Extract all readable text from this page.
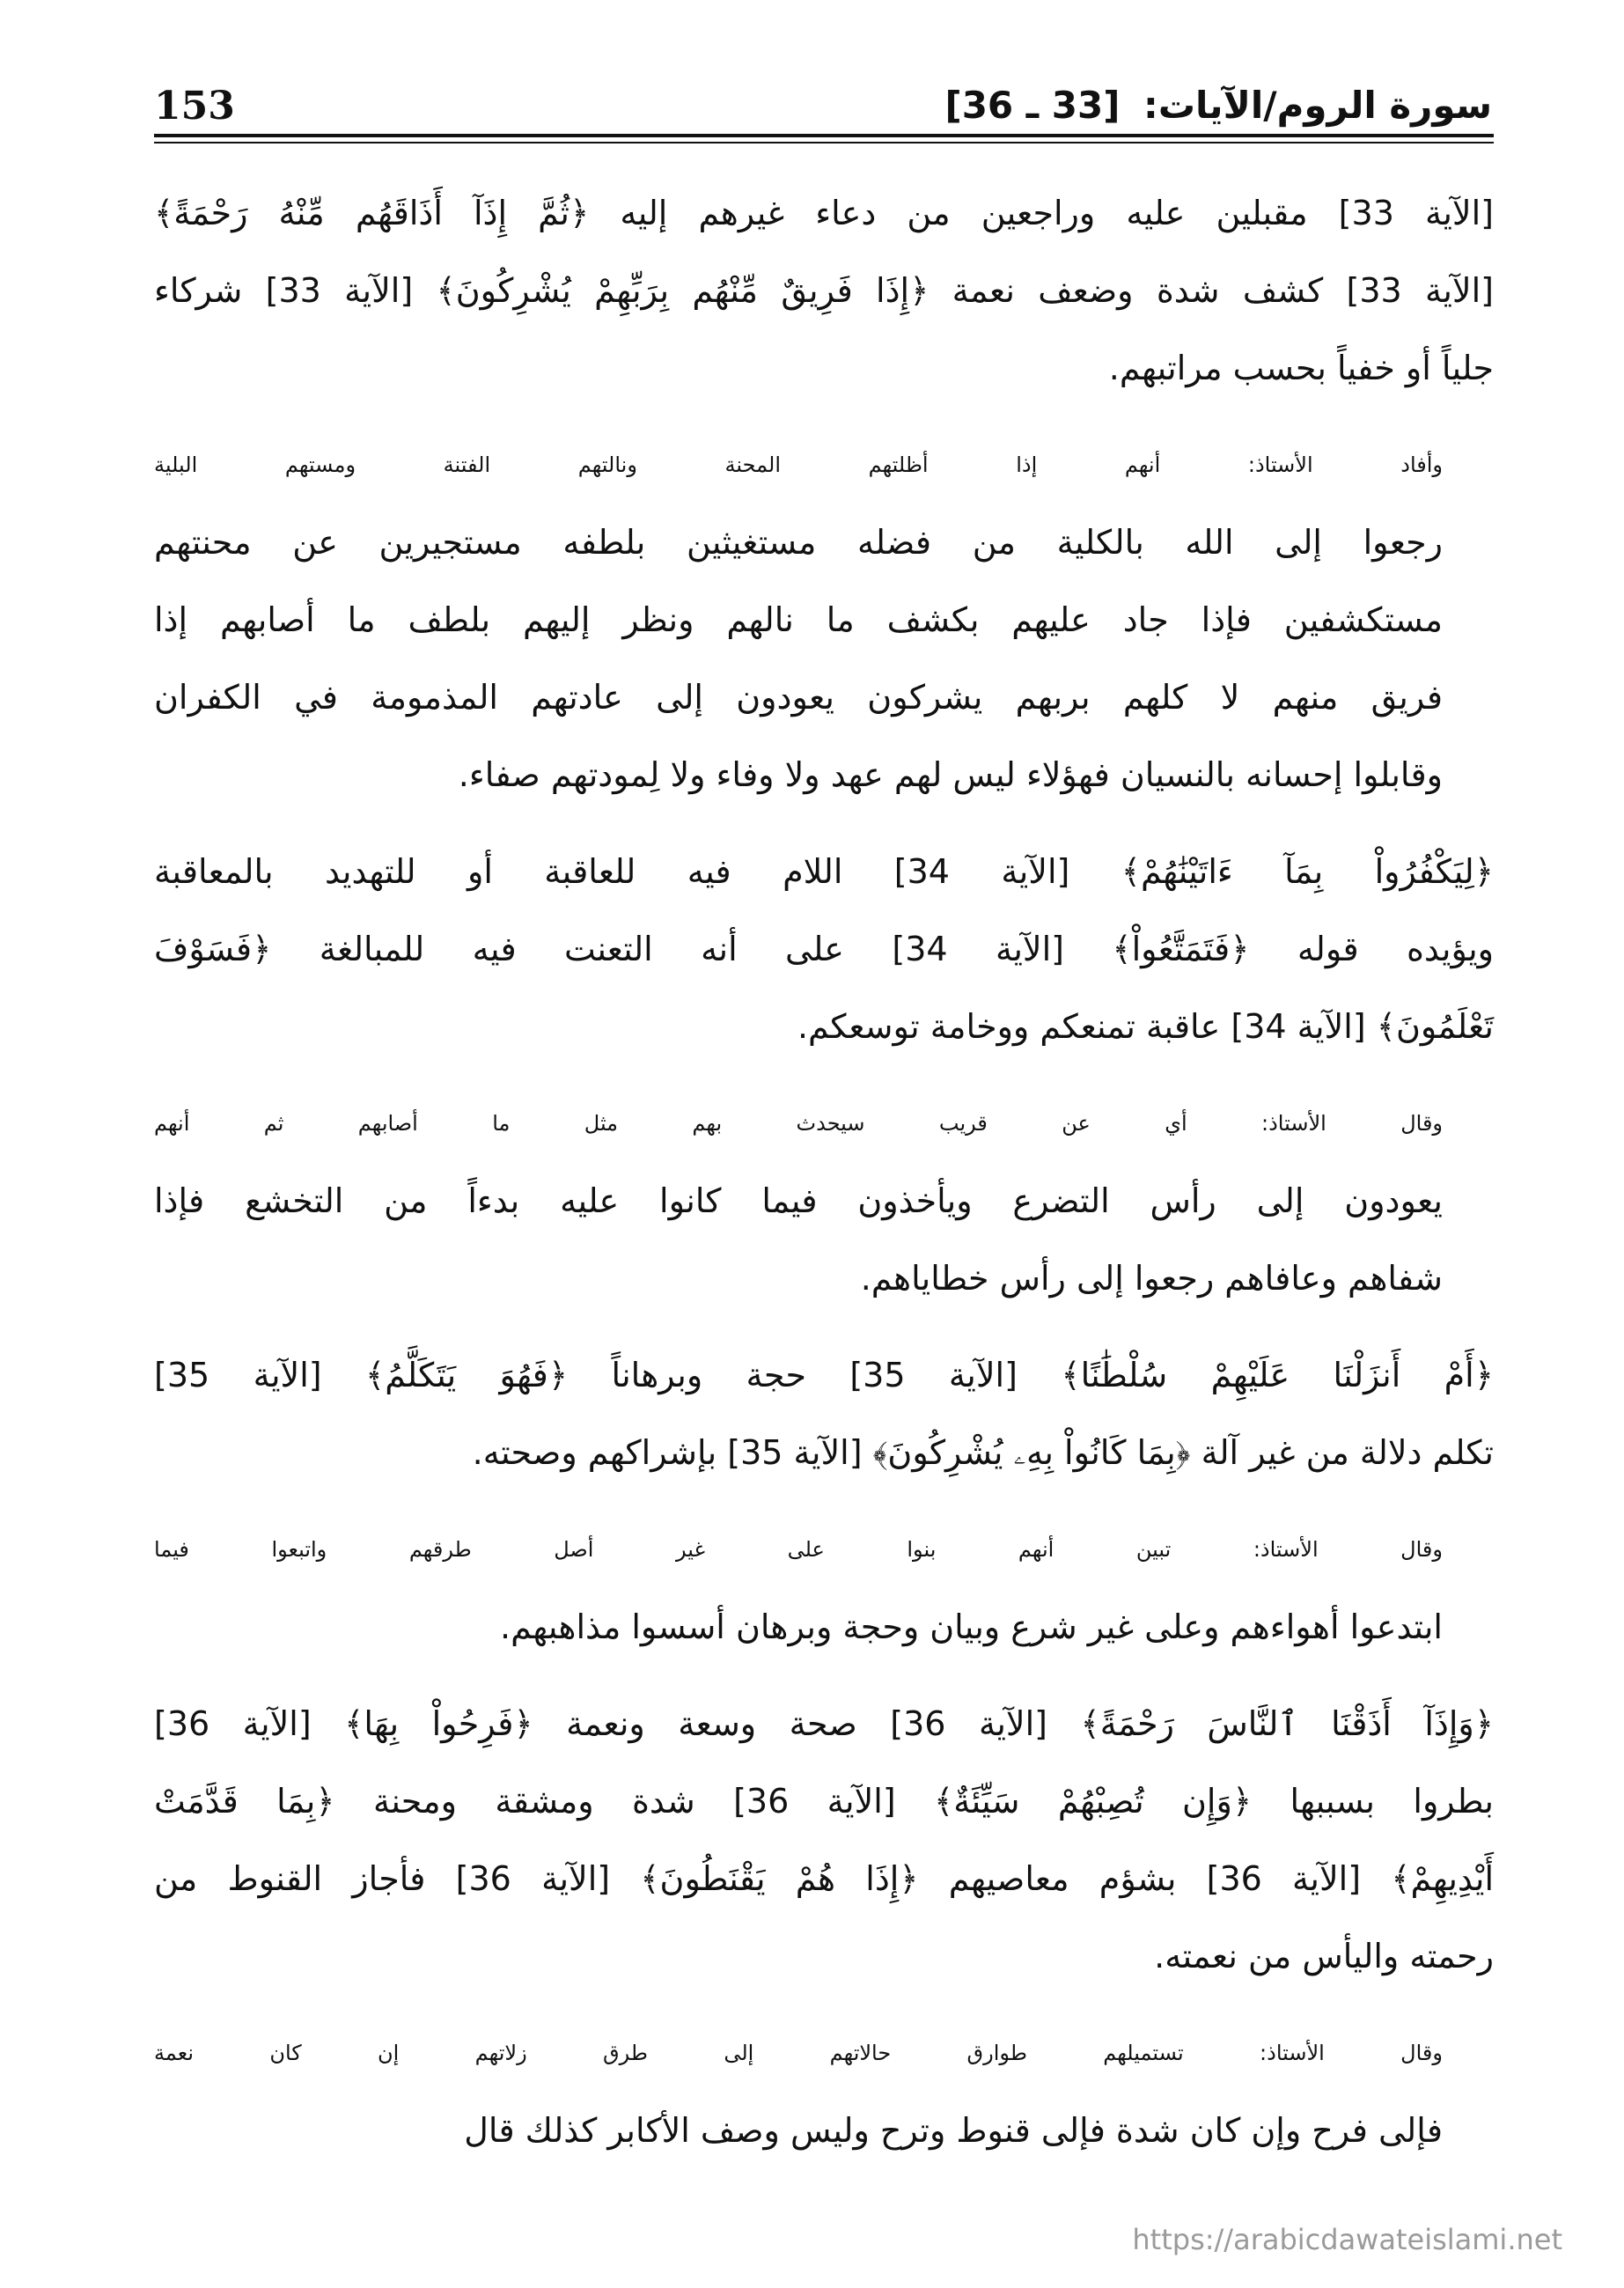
سورة الروم/الآيات: [33 ـ 36]
153
[الآية 33] مقبلين عليه وراجعين من دعاء غيرهم إليه ﴿ثُمَّ إِذَآ أَذَاقَهُم مِّنْهُ رَحْمَةً﴾
[الآية 33] كشف شدة وضعف نعمة ﴿إِذَا فَرِيقٌ مِّنْهُم بِرَبِّهِمْ يُشْرِكُونَ﴾ [الآية 33] شركاء
جلياً أو خفياً بحسب مراتبهم.
وأفاد الأستاذ: أنهم إذا أظلتهم المحنة ونالتهم الفتنة ومستهم البلية
رجعوا إلى الله بالكلية من فضله مستغيثين بلطفه مستجيرين عن محنتهم
مستكشفين فإذا جاد عليهم بكشف ما نالهم ونظر إليهم بلطف ما أصابهم إذا
فريق منهم لا كلهم بربهم يشركون يعودون إلى عادتهم المذمومة في الكفران
وقابلوا إحسانه بالنسيان فهؤلاء ليس لهم عهد ولا وفاء ولا لِمودتهم صفاء.
﴿لِيَكْفُرُواْ بِمَآ ءَاتَيْنَٰهُمْ﴾ [الآية 34] اللام فيه للعاقبة أو للتهديد بالمعاقبة
ويؤيده قوله ﴿فَتَمَتَّعُواْ﴾ [الآية 34] على أنه التعنت فيه للمبالغة ﴿فَسَوْفَ
تَعْلَمُونَ﴾ [الآية 34] عاقبة تمنعكم ووخامة توسعكم.
وقال الأستاذ: أي عن قريب سيحدث بهم مثل ما أصابهم ثم أنهم
يعودون إلى رأس التضرع ويأخذون فيما كانوا عليه بدءاً من التخشع فإذا
شفاهم وعافاهم رجعوا إلى رأس خطاياهم.
﴿أَمْ أَنزَلْنَا عَلَيْهِمْ سُلْطَٰنًا﴾ [الآية 35] حجة وبرهاناً ﴿فَهُوَ يَتَكَلَّمُ﴾ [الآية 35]
تكلم دلالة من غير آلة ﴿بِمَا كَانُواْ بِهِۦ يُشْرِكُونَ﴾ [الآية 35] بإشراكهم وصحته.
وقال الأستاذ: تبين أنهم بنوا على غير أصل طرقهم واتبعوا فيما
ابتدعوا أهواءهم وعلى غير شرع وبيان وحجة وبرهان أسسوا مذاهبهم.
﴿وَإِذَآ أَذَقْنَا ٱلنَّاسَ رَحْمَةً﴾ [الآية 36] صحة وسعة ونعمة ﴿فَرِحُواْ بِهَا﴾ [الآية 36]
بطروا بسببها ﴿وَإِن تُصِبْهُمْ سَيِّئَةٌ﴾ [الآية 36] شدة ومشقة ومحنة ﴿بِمَا قَدَّمَتْ
أَيْدِيهِمْ﴾ [الآية 36] بشؤم معاصيهم ﴿إِذَا هُمْ يَقْنَطُونَ﴾ [الآية 36] فأجاز القنوط من
رحمته واليأس من نعمته.
وقال الأستاذ: تستميلهم طوارق حالاتهم إلى طرق زلاتهم إن كان نعمة
فإلى فرح وإن كان شدة فإلى قنوط وترح وليس وصف الأكابر كذلك قال
https://arabicdawateislami.net
